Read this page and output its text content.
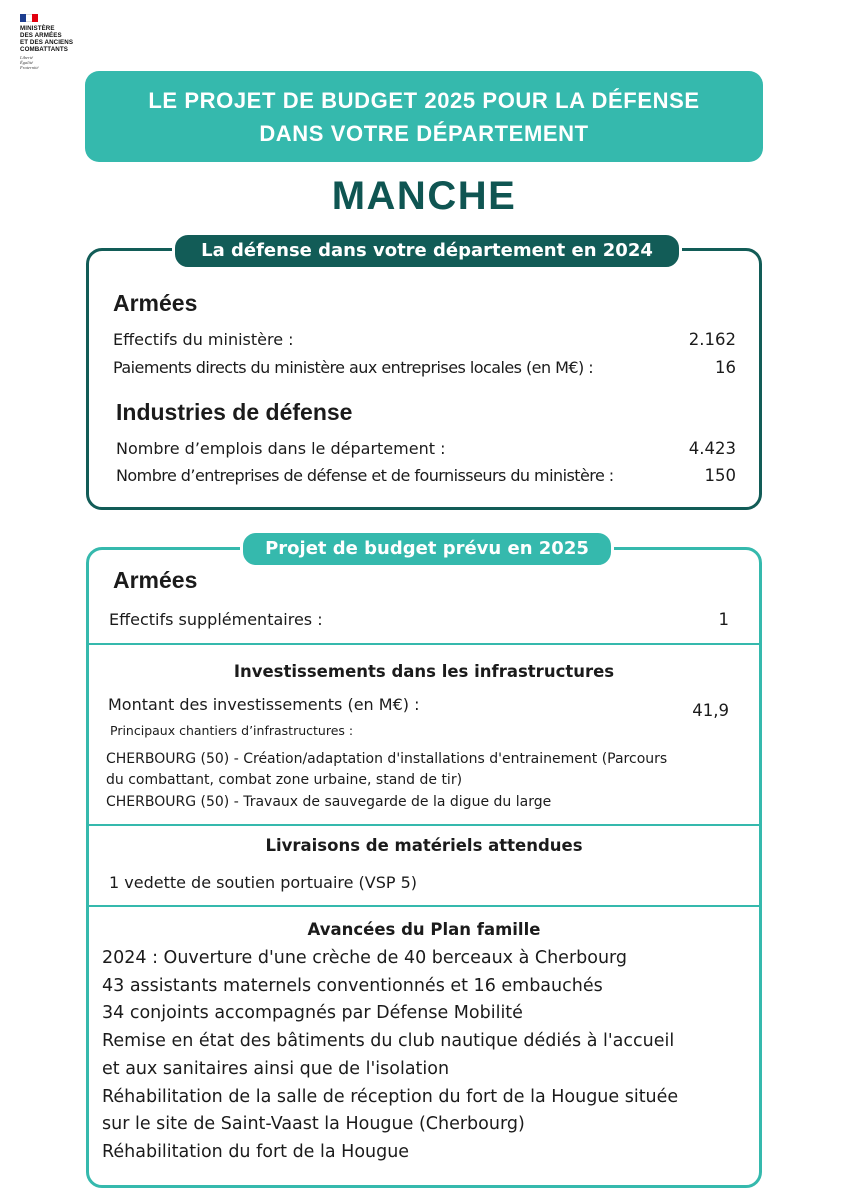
MINISTÈRE
DES ARMÉES
ET DES ANCIENS
COMBATTANTS
Liberté
Égalité
Fraternité
LE PROJET DE BUDGET 2025 POUR LA DÉFENSE
DANS VOTRE DÉPARTEMENT
MANCHE
La défense dans votre département en 2024
Armées
Effectifs du ministère :	2.162
Paiements directs du ministère aux entreprises locales (en M€) :	16
Industries de défense
Nombre d’emplois dans le département :	4.423
Nombre d’entreprises de défense et de fournisseurs du ministère :	150
Projet de budget prévu en 2025
Armées
Effectifs supplémentaires :	1
Investissements dans les infrastructures
Montant des investissements (en M€) :	41,9
Principaux chantiers d’infrastructures :
CHERBOURG (50) - Création/adaptation d'installations d'entrainement (Parcours
du combattant, combat zone urbaine, stand de tir)
CHERBOURG (50) - Travaux de sauvegarde de la digue du large
Livraisons de matériels attendues
1 vedette de soutien portuaire (VSP 5)
Avancées du Plan famille
2024 : Ouverture d'une crèche de 40 berceaux à Cherbourg
43 assistants maternels conventionnés et 16 embauchés
34 conjoints accompagnés par Défense Mobilité
Remise en état des bâtiments du club nautique dédiés à l'accueil
et aux sanitaires ainsi que de l'isolation
Réhabilitation de la salle de réception du fort de la Hougue située
sur le site de Saint-Vaast la Hougue (Cherbourg)
Réhabilitation du fort de la Hougue
